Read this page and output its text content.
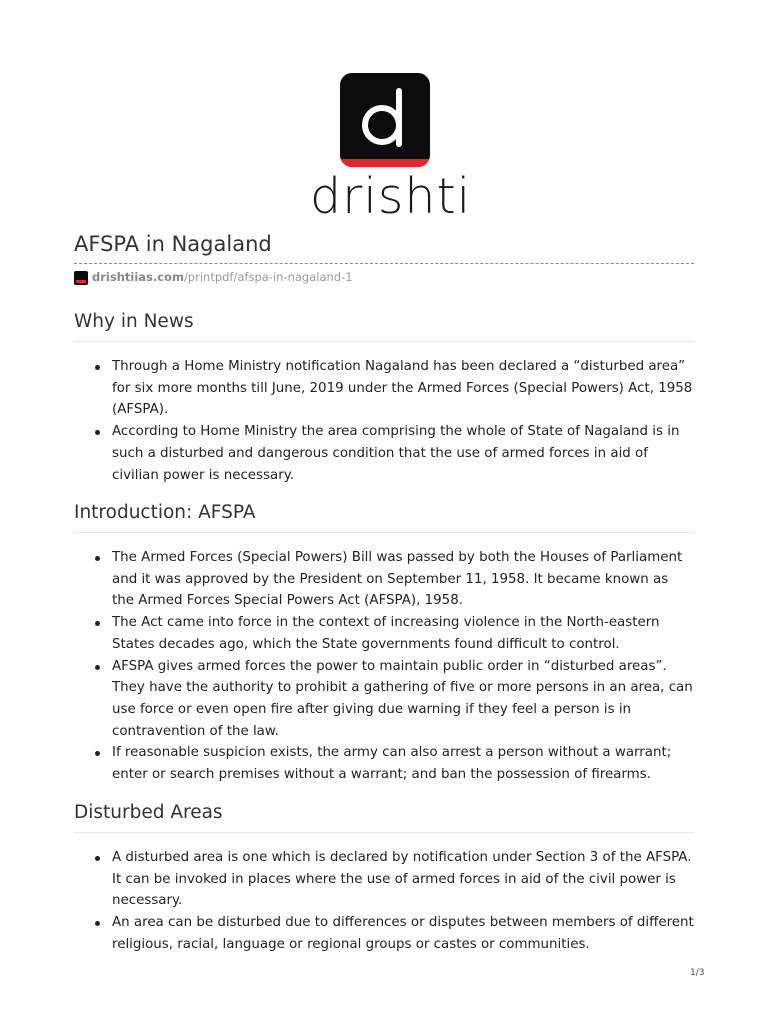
drishti
AFSPA in Nagaland
drishtiias.com/printpdf/afspa-in-nagaland-1
Why in News
Through a Home Ministry notification Nagaland has been declared a “disturbed area” for six more months till June, 2019 under the Armed Forces (Special Powers) Act, 1958 (AFSPA).
According to Home Ministry the area comprising the whole of State of Nagaland is in such a disturbed and dangerous condition that the use of armed forces in aid of civilian power is necessary.
Introduction: AFSPA
The Armed Forces (Special Powers) Bill was passed by both the Houses of Parliament and it was approved by the President on September 11, 1958. It became known as the Armed Forces Special Powers Act (AFSPA), 1958.
The Act came into force in the context of increasing violence in the North-eastern States decades ago, which the State governments found difficult to control.
AFSPA gives armed forces the power to maintain public order in “disturbed areas”. They have the authority to prohibit a gathering of five or more persons in an area, can use force or even open fire after giving due warning if they feel a person is in contravention of the law.
If reasonable suspicion exists, the army can also arrest a person without a warrant; enter or search premises without a warrant; and ban the possession of firearms.
Disturbed Areas
A disturbed area is one which is declared by notification under Section 3 of the AFSPA. It can be invoked in places where the use of armed forces in aid of the civil power is necessary.
An area can be disturbed due to differences or disputes between members of different religious, racial, language or regional groups or castes or communities.
1/3
